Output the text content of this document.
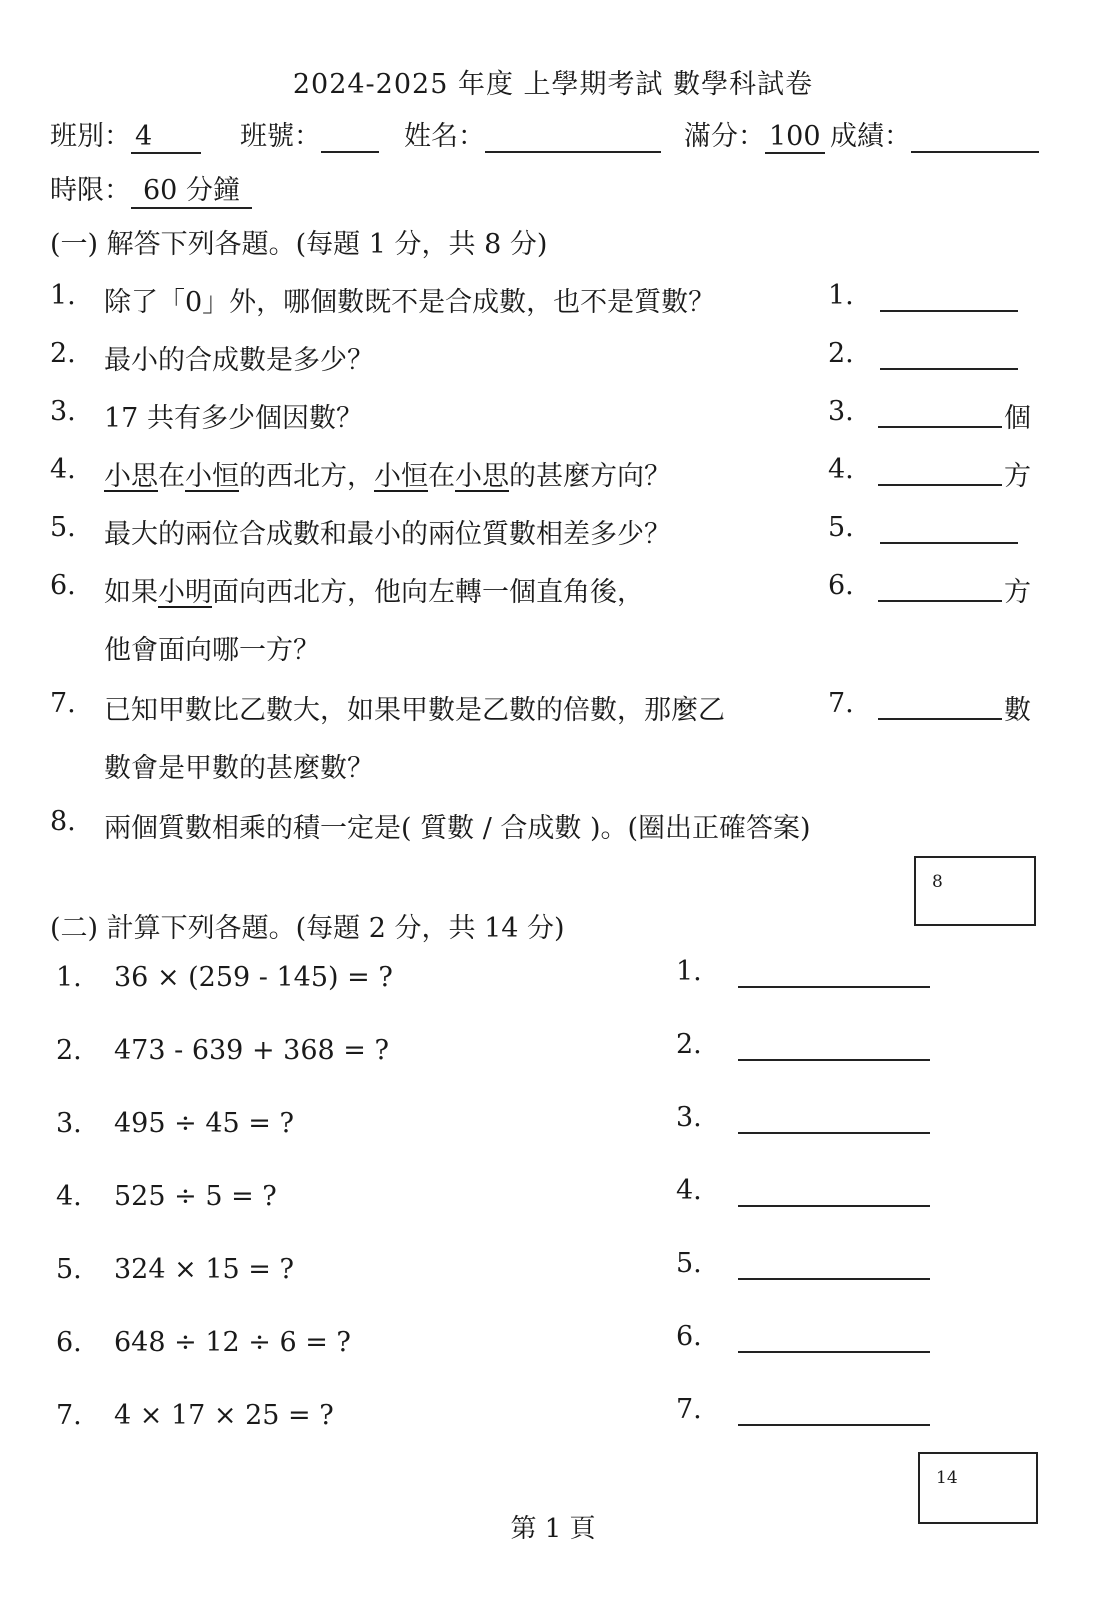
2024-2025 年度 上學期考試 數學科試卷
班別： 4	班號：	姓名：	滿分： 100 成績：
時限： 60 分鐘
(一) 解答下列各題。(每題 1 分，共 8 分)
1. 除了「0」外，哪個數既不是合成數，也不是質數？	1.
2. 最小的合成數是多少？	2.
3. 17 共有多少個因數？	3.	個
4. 小思在小恒的西北方，小恒在小思的甚麼方向？	4.	方
5. 最大的兩位合成數和最小的兩位質數相差多少？	5.
6. 如果小明面向西北方，他向左轉一個直角後，
他會面向哪一方？
6.	方
7. 已知甲數比乙數大，如果甲數是乙數的倍數，那麼乙
數會是甲數的甚麼數？
7.	數
8. 兩個質數相乘的積一定是( 質數 / 合成數 )。(圈出正確答案)
8
(二) 計算下列各題。(每題 2 分，共 14 分)
1. 36 × (259 - 145) = ?	1.
2. 473 - 639 + 368 = ?	2.
3. 495 ÷ 45 = ?	3.
4. 525 ÷ 5 = ?	4.
5. 324 × 15 = ?	5.
6. 648 ÷ 12 ÷ 6 = ?	6.
7. 4 × 17 × 25 = ?	7.
14
第 1 頁
